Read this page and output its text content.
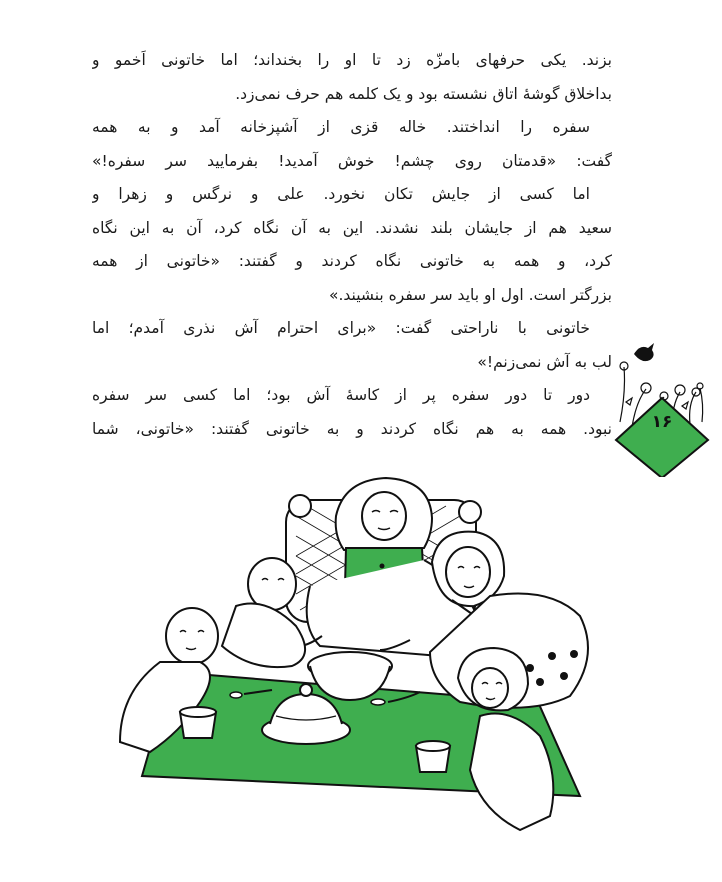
بزند. یکی حرفهای بامزّه زد تا او را بخنداند؛ اما خاتونی اَخمو و
بداخلاق گوشهٔ اتاق نشسته بود و یک کلمه هم حرف نمی‌زد.
سفره را انداختند. خاله قزی از آشپزخانه آمد و به همه
گفت: «قدمتان روی چشم! خوش آمدید! بفرمایید سر سفره!»
اما کسی از جایش تکان نخورد. علی و نرگس و زهرا و
سعید هم از جایشان بلند نشدند. این به آن نگاه کرد، آن به این نگاه
کرد، و همه به خاتونی نگاه کردند و گفتند: «خاتونی از همه
بزرگتر است. اول او باید سر سفره بنشیند.»
خاتونی با ناراحتی گفت: «برای احترام آش نذری آمدم؛ اما
لب به آش نمی‌زنم!»
دور تا دور سفره پر از کاسهٔ آش بود؛ اما کسی سر سفره
نبود. همه به هم نگاه کردند و به خاتونی گفتند: «خاتونی، شما	۱۶
